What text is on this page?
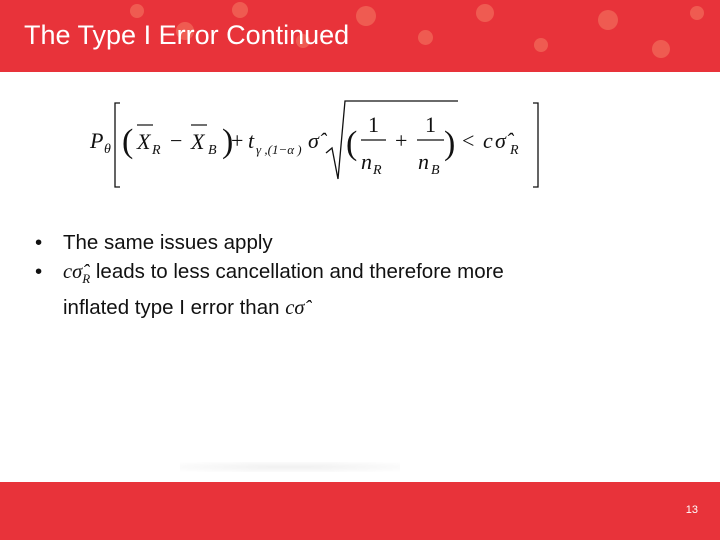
The Type I Error Continued
P θ ( X R − X B )
+ t γ ,(1−α ) σ̂ (
1
n R
+
1
n B
) < c σ̂ R
• The same issues apply
• $c\sigmâ_R$ leads to less cancellation and therefore more
inflated type I error than cσ̂
13
